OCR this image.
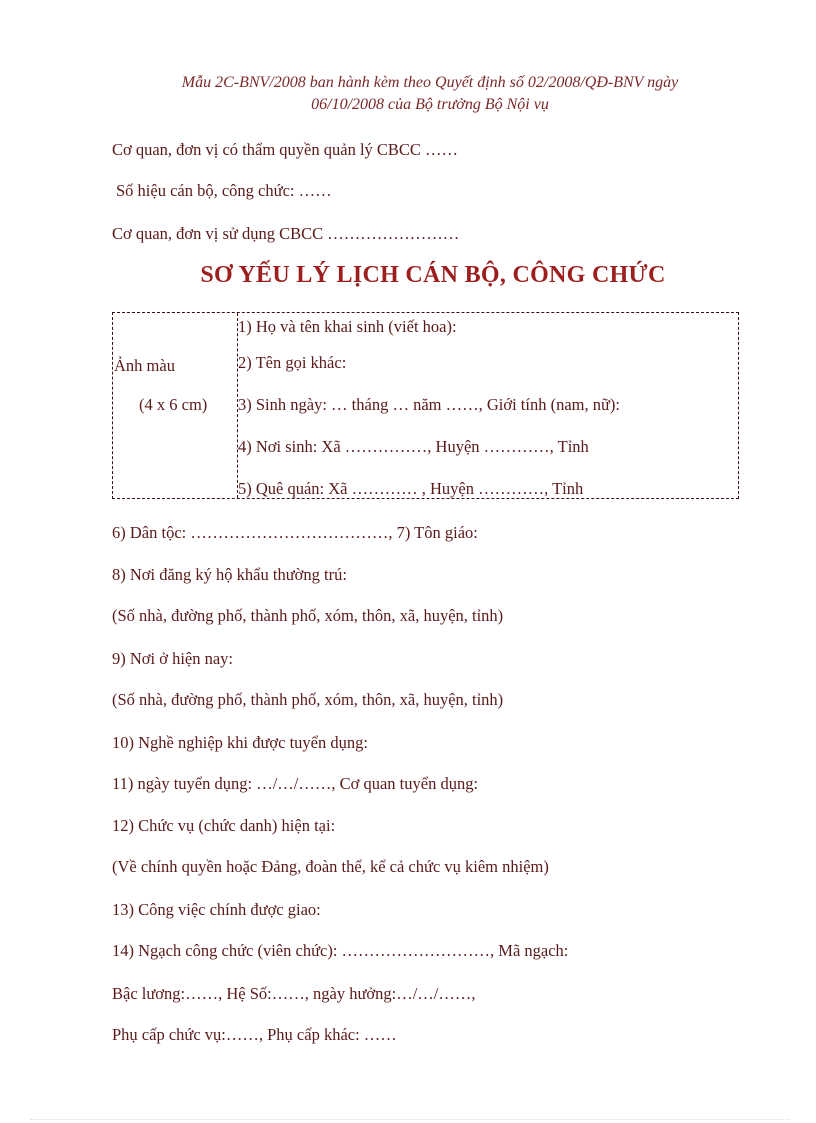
Mẫu 2C-BNV/2008 ban hành kèm theo Quyết định số 02/2008/QĐ-BNV ngày
06/10/2008 của Bộ trưởng Bộ Nội vụ
Cơ quan, đơn vị có thẩm quyền quản lý CBCC ……
Số hiệu cán bộ, công chức: ……
Cơ quan, đơn vị sử dụng CBCC ……………………
SƠ YẾU LÝ LỊCH CÁN BỘ, CÔNG CHỨC
Ảnh màu
(4 x 6 cm)
1) Họ và tên khai sinh (viết hoa):
2) Tên gọi khác:
3) Sinh ngày: … tháng … năm ……, Giới tính (nam, nữ):
4) Nơi sinh: Xã ……………, Huyện …………, Tỉnh
5) Quê quán: Xã ………… , Huyện …………, Tỉnh
6) Dân tộc: ………………………………, 7) Tôn giáo:
8) Nơi đăng ký hộ khẩu thường trú:
(Số nhà, đường phố, thành phố, xóm, thôn, xã, huyện, tỉnh)
9) Nơi ở hiện nay:
(Số nhà, đường phố, thành phố, xóm, thôn, xã, huyện, tỉnh)
10) Nghề nghiệp khi được tuyển dụng:
11) ngày tuyển dụng: …/…/……, Cơ quan tuyển dụng:
12) Chức vụ (chức danh) hiện tại:
(Về chính quyền hoặc Đảng, đoàn thể, kể cả chức vụ kiêm nhiệm)
13) Công việc chính được giao:
14) Ngạch công chức (viên chức): ………………………, Mã ngạch:
Bậc lương:……, Hệ Số:……, ngày hưởng:…/…/……,
Phụ cấp chức vụ:……, Phụ cấp khác: ……
